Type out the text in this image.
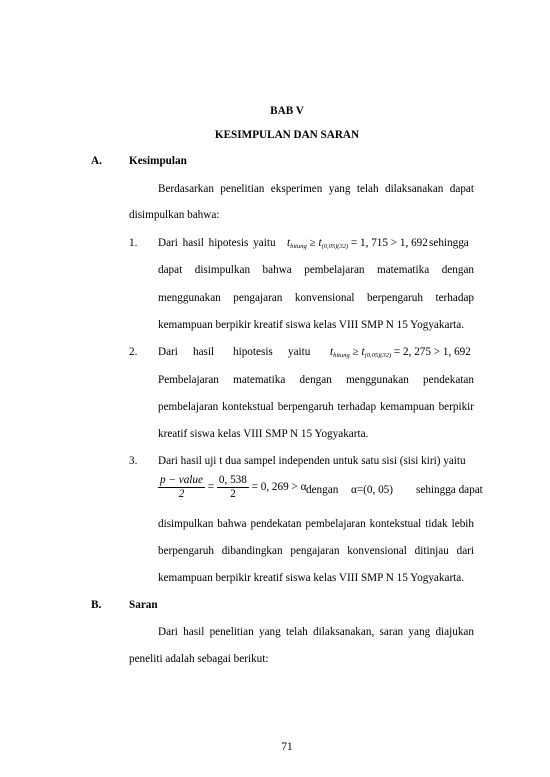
BAB V
KESIMPULAN DAN SARAN
A. Kesimpulan
Berdasarkan penelitian eksperimen yang telah dilaksanakan dapat
disimpulkan bahwa:
1. Dari hasil hipotesis yaitu $t_{hitung} \ge t_{(0,05)(32)} = 1$, 715 > 1, 692 sehingga
dapat disimpulkan bahwa pembelajaran matematika dengan
menggunakan pengajaran konvensional berpengaruh terhadap
kemampuan berpikir kreatif siswa kelas VIII SMP N 15 Yogyakarta.
2. Dari hasil hipotesis yaitu $t_{hitung} \ge t_{(0,05)(32)} = 2$, 275 > 1, 692
Pembelajaran matematika dengan menggunakan pendekatan
pembelajaran kontekstual berpengaruh terhadap kemampuan berpikir
kreatif siswa kelas VIII SMP N 15 Yogyakarta.
3. Dari hasil uji t dua sampel independen untuk satu sisi (sisi kiri) yaitu
$\frac{\text{p − value}}{2} = \frac{0, 538}{2} = 0$, 269 > α dengan α=(0, 05) sehingga dapat
disimpulkan bahwa pendekatan pembelajaran kontekstual tidak lebih
berpengaruh dibandingkan pengajaran konvensional ditinjau dari
kemampuan berpikir kreatif siswa kelas VIII SMP N 15 Yogyakarta.
B. Saran
Dari hasil penelitian yang telah dilaksanakan, saran yang diajukan
peneliti adalah sebagai berikut:
71
